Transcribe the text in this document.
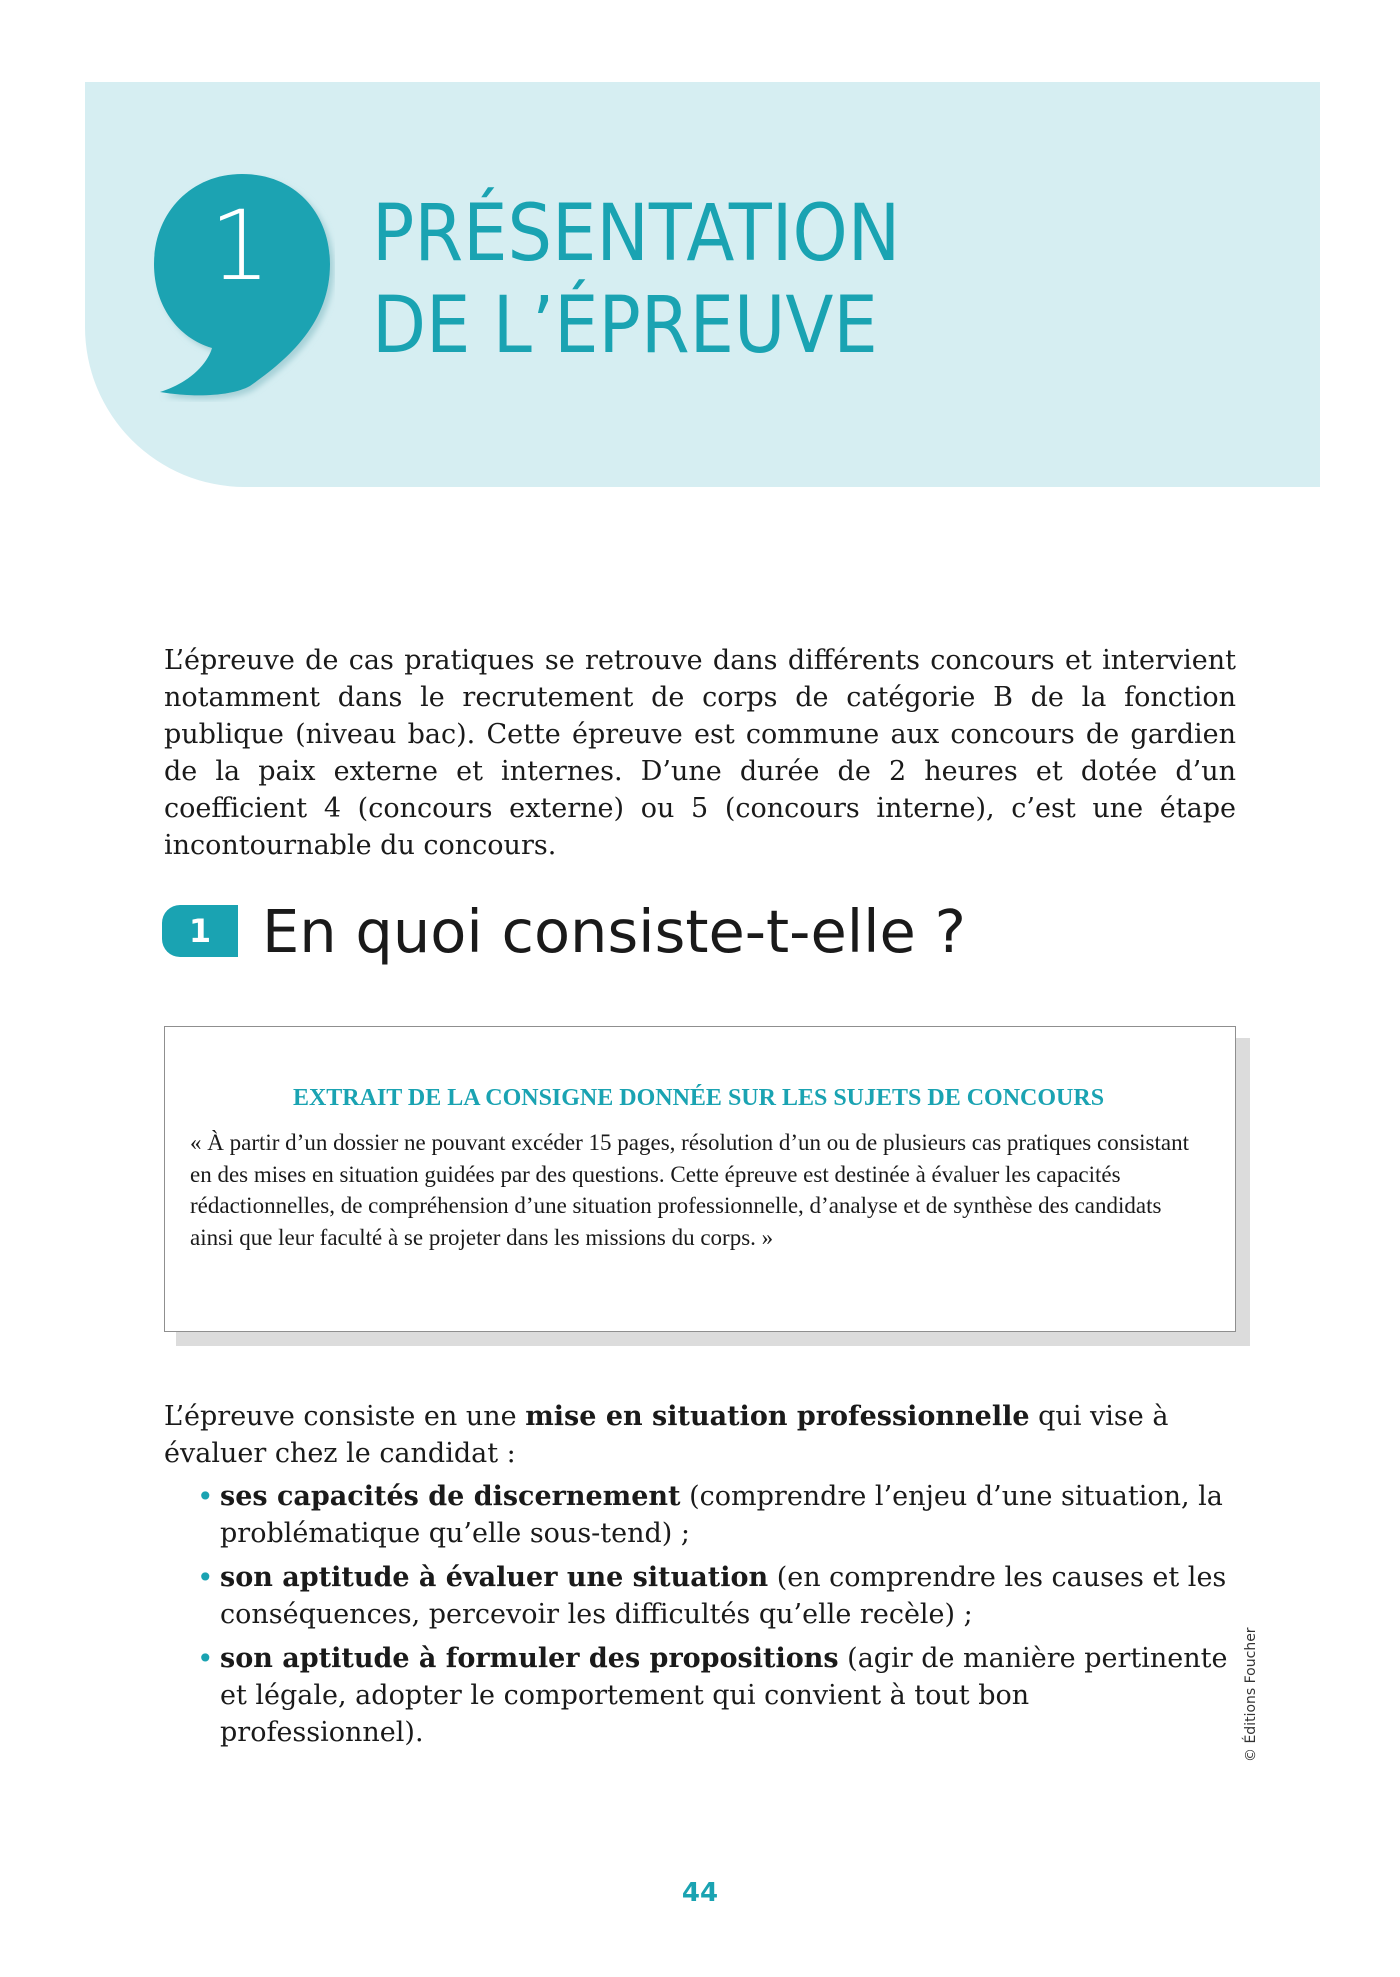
1	PRÉSENTATION
DE L’ÉPREUVE

L’épreuve de cas pratiques se retrouve dans différents concours et intervient notamment dans le recrutement de corps de catégorie B de la fonction publique (niveau bac). Cette épreuve est commune aux concours de gardien de la paix externe et internes. D’une durée de 2 heures et dotée d’un coefficient 4 (concours externe) ou 5 (concours interne), c’est une étape incontournable du concours.

1 En quoi consiste-t-elle ?
EXTRAIT DE LA CONSIGNE DONNÉE SUR LES SUJETS DE CONCOURS
« À partir d’un dossier ne pouvant excéder 15 pages, résolution d’un ou de plusieurs cas pratiques consistant en des mises en situation guidées par des questions. Cette épreuve est destinée à évaluer les capacités rédactionnelles, de compréhension d’une situation professionnelle, d’analyse et de synthèse des candidats ainsi que leur faculté à se projeter dans les missions du corps. »

L’épreuve consiste en une mise en situation professionnelle qui vise à évaluer chez le candidat :

• ses capacités de discernement (comprendre l’enjeu d’une situation, la problématique qu’elle sous-tend) ;
• son aptitude à évaluer une situation (en comprendre les causes et les conséquences, percevoir les difficultés qu’elle recèle) ;
• son aptitude à formuler des propositions (agir de manière pertinente et légale, adopter le comportement qui convient à tout bon professionnel).
44
© Éditions Foucher
